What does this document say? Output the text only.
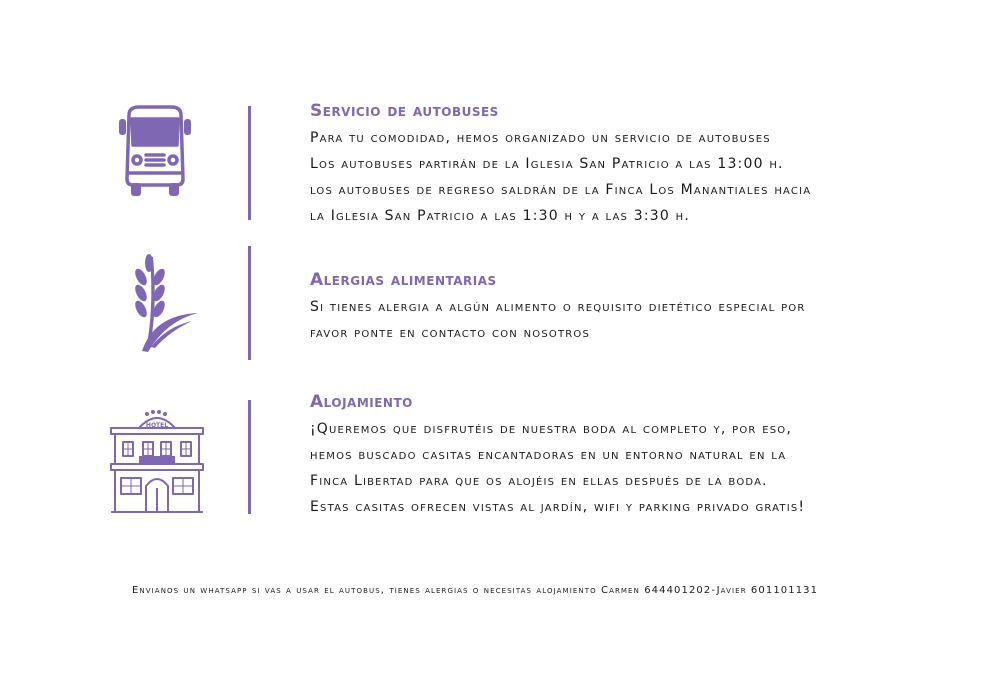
Servicio de autobuses

Para tu comodidad, hemos organizado un servicio de autobuses

Los autobuses partirán de la Iglesia San Patricio a las 13:00 h.

los autobuses de regreso saldrán de la Finca Los Manantiales hacia

la Iglesia San Patricio a las 1:30 h y a las 3:30 h.

Alergias alimentarias

Si tienes alergia a algún alimento o requisito dietético especial por

favor ponte en contacto con nosotros

HOTEL
Alojamiento

¡Queremos que disfrutéis de nuestra boda al completo y, por eso,

hemos buscado casitas encantadoras en un entorno natural en la

Finca Libertad para que os alojéis en ellas después de la boda.

Estas casitas ofrecen vistas al jardín, wifi y parking privado gratis!

Envianos un whatsapp si vas a usar el autobus, tienes alergias o necesitas alojamiento Carmen 644401202-Javier 601101131
